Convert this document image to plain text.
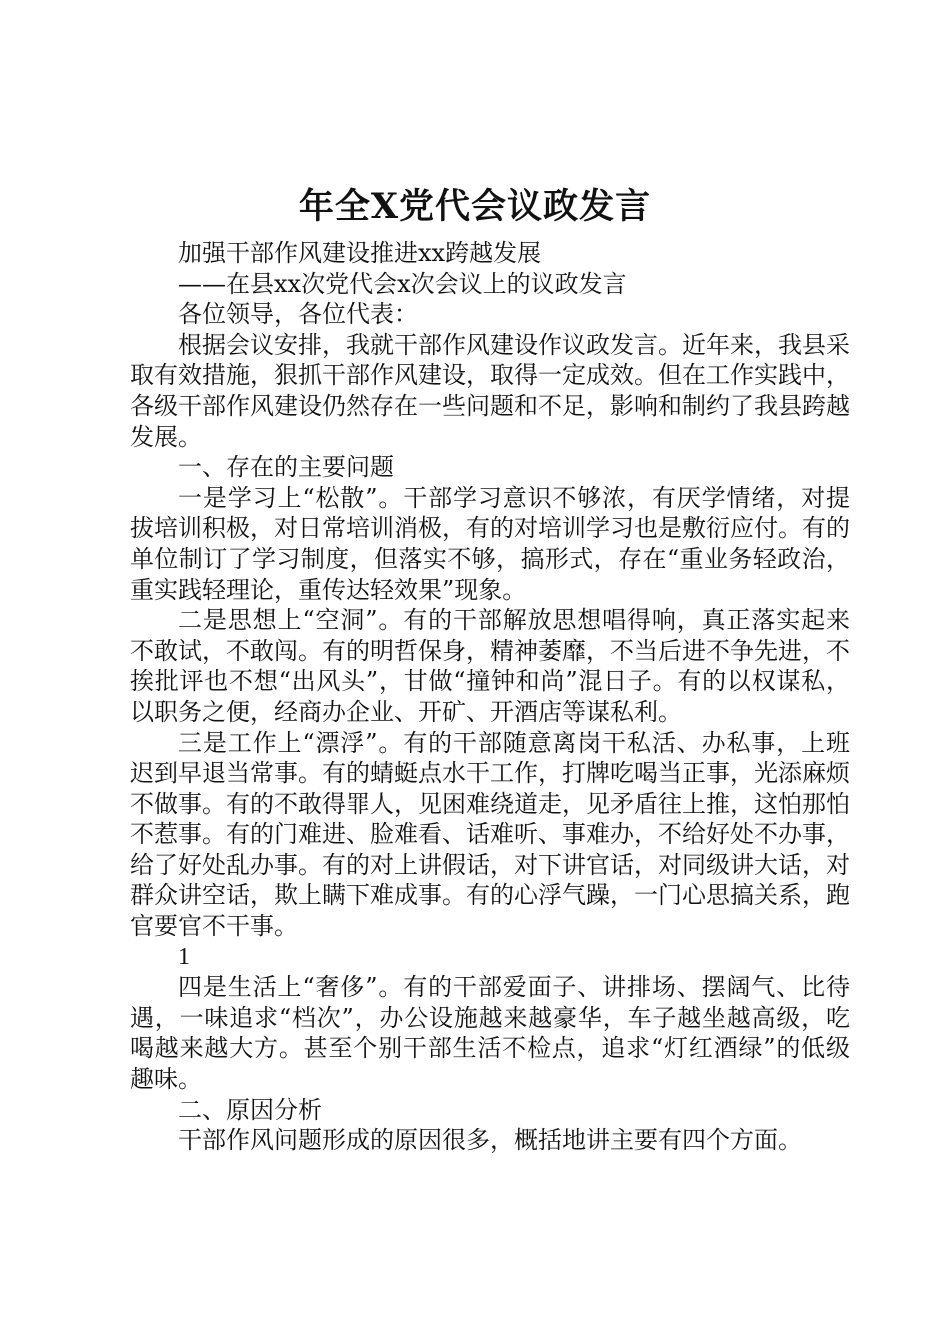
年全X党代会议政发言

加强干部作风建设推进xx跨越发展

——在县xx次党代会x次会议上的议政发言

各位领导，各位代表：

根据会议安排，我就干部作风建设作议政发言。近年来，我县采取有效措施，狠抓干部作风建设，取得一定成效。但在工作实践中，各级干部作风建设仍然存在一些问题和不足，影响和制约了我县跨越发展。

一、存在的主要问题

一是学习上“松散”。干部学习意识不够浓，有厌学情绪，对提拔培训积极，对日常培训消极，有的对培训学习也是敷衍应付。有的单位制订了学习制度，但落实不够，搞形式，存在“重业务轻政治，重实践轻理论，重传达轻效果”现象。

二是思想上“空洞”。有的干部解放思想唱得响，真正落实起来不敢试，不敢闯。有的明哲保身，精神萎靡，不当后进不争先进，不挨批评也不想“出风头”，甘做“撞钟和尚”混日子。有的以权谋私，以职务之便，经商办企业、开矿、开酒店等谋私利。

三是工作上“漂浮”。有的干部随意离岗干私活、办私事，上班迟到早退当常事。有的蜻蜓点水干工作，打牌吃喝当正事，光添麻烦不做事。有的不敢得罪人，见困难绕道走，见矛盾往上推，这怕那怕不惹事。有的门难进、脸难看、话难听、事难办，不给好处不办事，给了好处乱办事。有的对上讲假话，对下讲官话，对同级讲大话，对群众讲空话，欺上瞒下难成事。有的心浮气躁，一门心思搞关系，跑官要官不干事。

1

四是生活上“奢侈”。有的干部爱面子、讲排场、摆阔气、比待遇，一味追求“档次”，办公设施越来越豪华，车子越坐越高级，吃喝越来越大方。甚至个别干部生活不检点，追求“灯红酒绿”的低级趣味。

二、原因分析

干部作风问题形成的原因很多，概括地讲主要有四个方面。
